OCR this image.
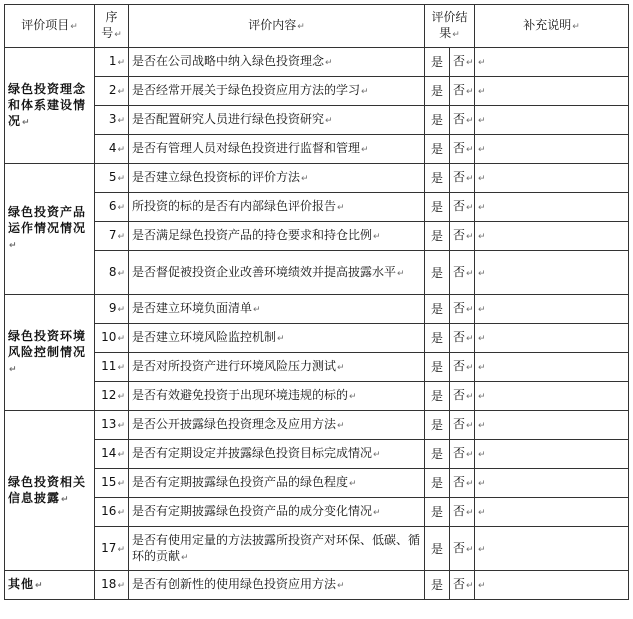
评价项目↵	序
号↵	评价内容↵	评价结
果↵		补充说明↵
绿色投资理念和体系建设情况↵	1↵	是否在公司战略中纳入绿色投资理念↵	是	否↵	↵
	2↵	是否经常开展关于绿色投资应用方法的学习↵	是	否↵	↵
	3↵	是否配置研究人员进行绿色投资研究↵	是	否↵	↵
	4↵	是否有管理人员对绿色投资进行监督和管理↵	是	否↵	↵
绿色投资产品运作情况情况↵	5↵	是否建立绿色投资标的评价方法↵	是	否↵	↵
	6↵	所投资的标的是否有内部绿色评价报告↵	是	否↵	↵
	7↵	是否满足绿色投资产品的持仓要求和持仓比例↵	是	否↵	↵
	8↵	是否督促被投资企业改善环境绩效并提高披露水平↵	是	否↵	↵
绿色投资环境风险控制情况↵	9↵	是否建立环境负面清单↵	是	否↵	↵
	10↵	是否建立环境风险监控机制↵	是	否↵	↵
	11↵	是否对所投资产进行环境风险压力测试↵	是	否↵	↵
	12↵	是否有效避免投资于出现环境违规的标的↵	是	否↵	↵
绿色投资相关信息披露↵	13↵	是否公开披露绿色投资理念及应用方法↵	是	否↵	↵
	14↵	是否有定期设定并披露绿色投资目标完成情况↵	是	否↵	↵
	15↵	是否有定期披露绿色投资产品的绿色程度↵	是	否↵	↵
	16↵	是否有定期披露绿色投资产品的成分变化情况↵	是	否↵	↵
	17↵	是否有使用定量的方法披露所投资产对环保、低碳、循环的贡献↵	是	否↵	↵
其他↵	18↵	是否有创新性的使用绿色投资应用方法↵	是	否↵	↵
